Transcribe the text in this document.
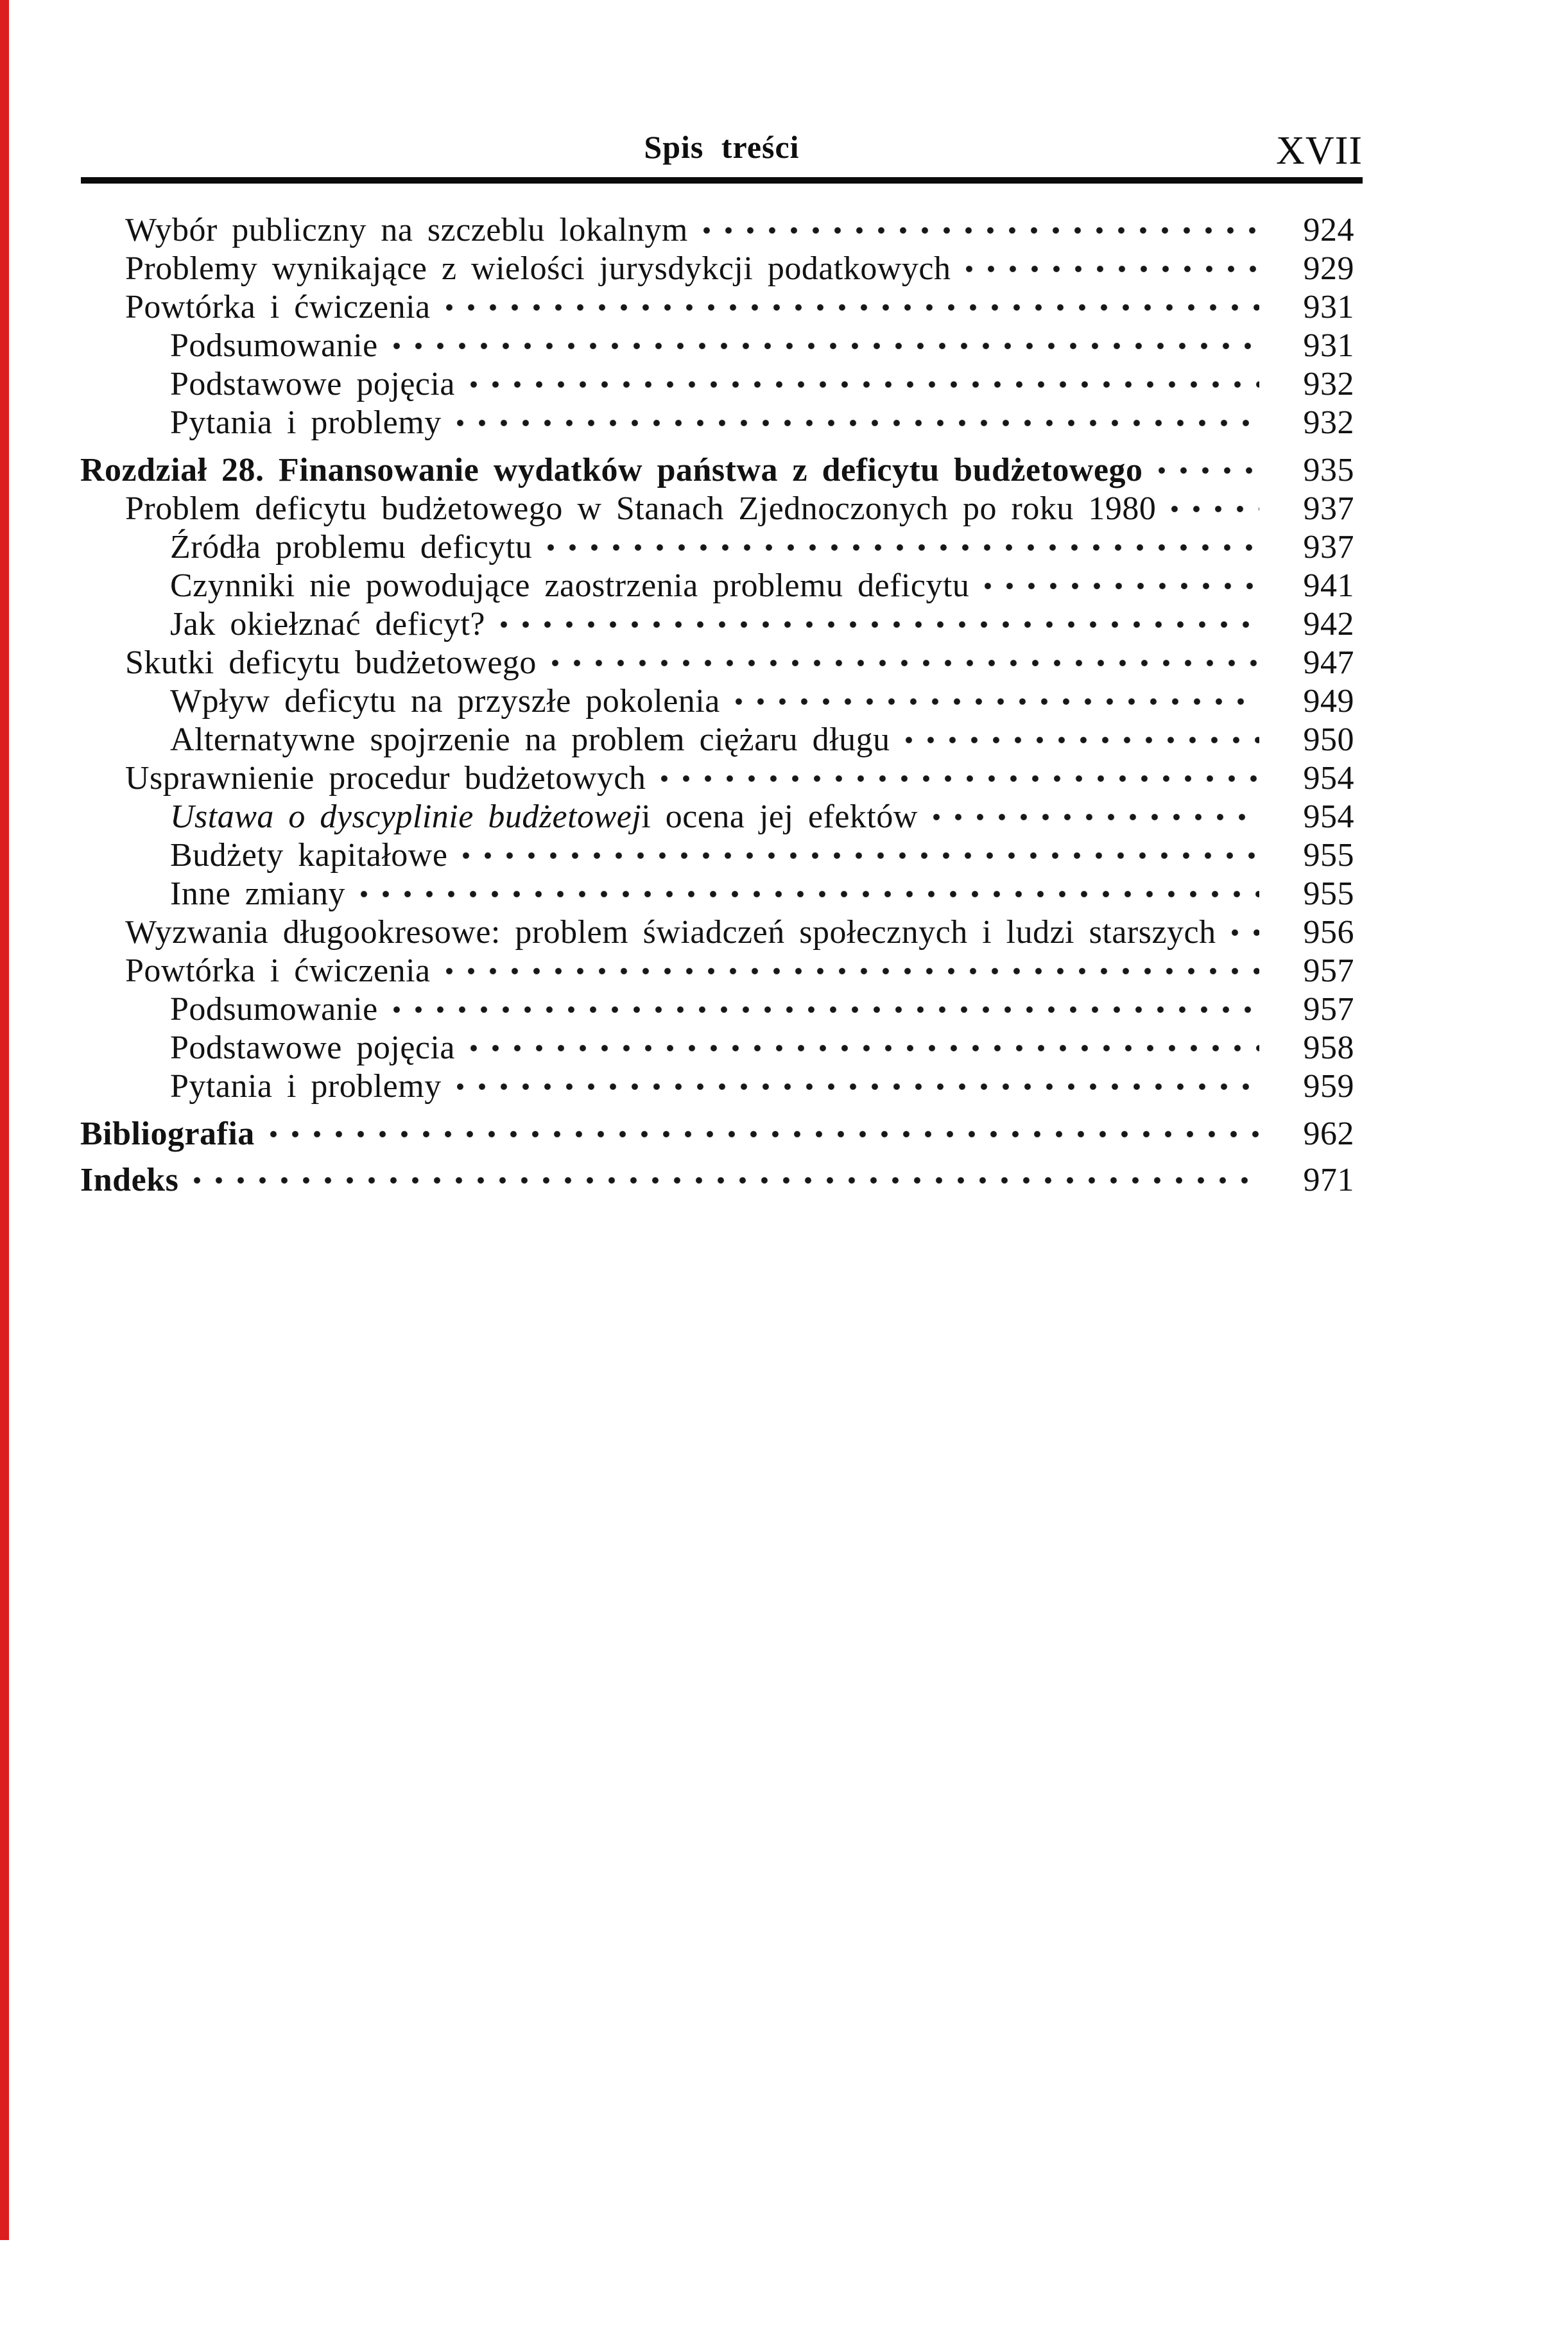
Spis treści	XVII
Wybór publiczny na szczeblu lokalnym	924
Problemy wynikające z wielości jurysdykcji podatkowych	929
Powtórka i ćwiczenia	931
Podsumowanie	931
Podstawowe pojęcia	932
Pytania i problemy	932
Rozdział 28. Finansowanie wydatków państwa z deficytu budżetowego	935
Problem deficytu budżetowego w Stanach Zjednoczonych po roku 1980	937
Źródła problemu deficytu	937
Czynniki nie powodujące zaostrzenia problemu deficytu	941
Jak okiełznać deficyt?	942
Skutki deficytu budżetowego	947
Wpływ deficytu na przyszłe pokolenia	949
Alternatywne spojrzenie na problem ciężaru długu	950
Usprawnienie procedur budżetowych	954
Ustawa o dyscyplinie budżetowej i ocena jej efektów	954
Budżety kapitałowe	955
Inne zmiany	955
Wyzwania długookresowe: problem świadczeń społecznych i ludzi starszych	956
Powtórka i ćwiczenia	957
Podsumowanie	957
Podstawowe pojęcia	958
Pytania i problemy	959
Bibliografia	962
Indeks	971
